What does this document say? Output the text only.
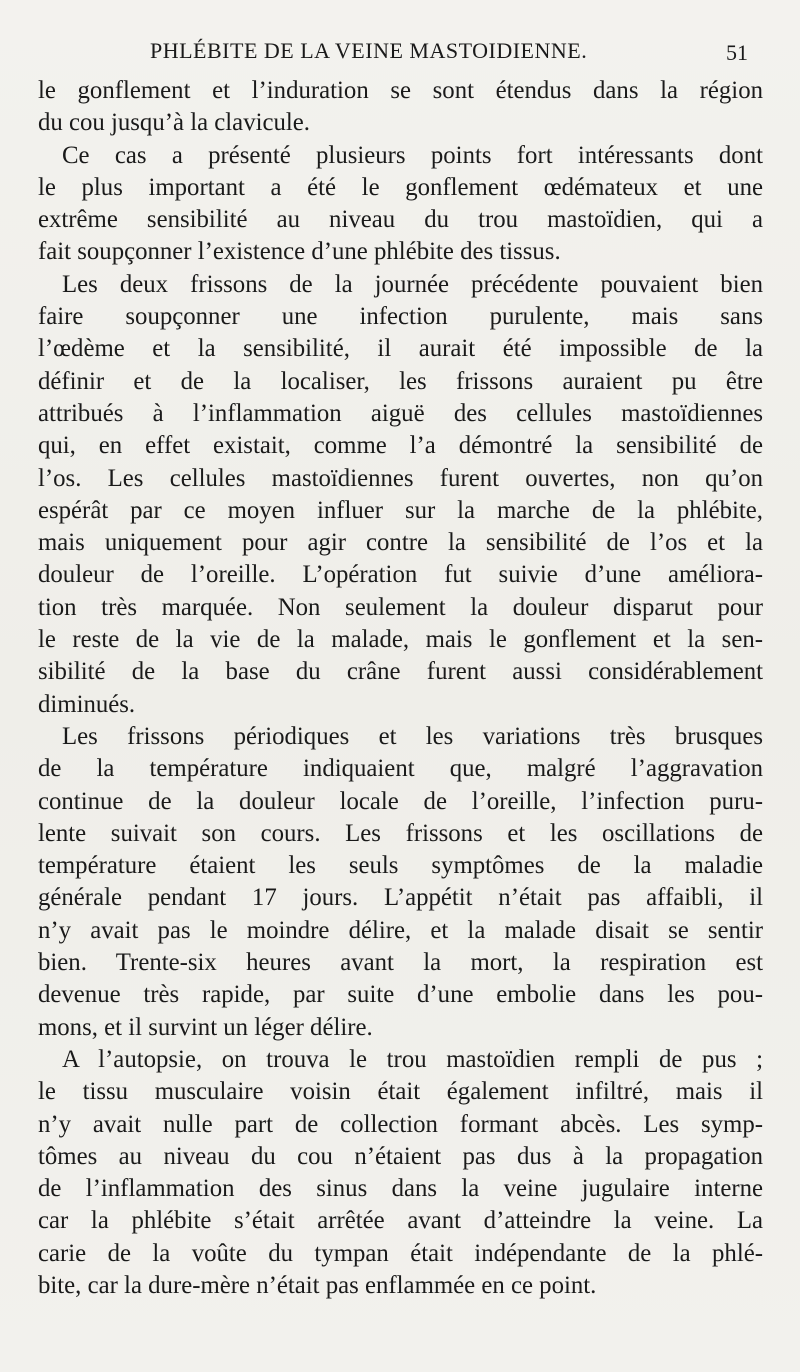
PHLÉBITE DE LA VEINE MASTOIDIENNE.	51
le gonflement et l’induration se sont étendus dans la région
du cou jusqu’à la clavicule.
Ce cas a présenté plusieurs points fort intéressants dont
le plus important a été le gonflement œdémateux et une
extrême sensibilité au niveau du trou mastoïdien, qui a
fait soupçonner l’existence d’une phlébite des tissus.
Les deux frissons de la journée précédente pouvaient bien
faire soupçonner une infection purulente, mais sans
l’œdème et la sensibilité, il aurait été impossible de la
définir et de la localiser, les frissons auraient pu être
attribués à l’inflammation aiguë des cellules mastoïdiennes
qui, en effet existait, comme l’a démontré la sensibilité de
l’os. Les cellules mastoïdiennes furent ouvertes, non qu’on
espérât par ce moyen influer sur la marche de la phlébite,
mais uniquement pour agir contre la sensibilité de l’os et la
douleur de l’oreille. L’opération fut suivie d’une améliora-
tion très marquée. Non seulement la douleur disparut pour
le reste de la vie de la malade, mais le gonflement et la sen-
sibilité de la base du crâne furent aussi considérablement
diminués.
Les frissons périodiques et les variations très brusques
de la température indiquaient que, malgré l’aggravation
continue de la douleur locale de l’oreille, l’infection puru-
lente suivait son cours. Les frissons et les oscillations de
température étaient les seuls symptômes de la maladie
générale pendant 17 jours. L’appétit n’était pas affaibli, il
n’y avait pas le moindre délire, et la malade disait se sentir
bien. Trente-six heures avant la mort, la respiration est
devenue très rapide, par suite d’une embolie dans les pou-
mons, et il survint un léger délire.
A l’autopsie, on trouva le trou mastoïdien rempli de pus ;
le tissu musculaire voisin était également infiltré, mais il
n’y avait nulle part de collection formant abcès. Les symp-
tômes au niveau du cou n’étaient pas dus à la propagation
de l’inflammation des sinus dans la veine jugulaire interne
car la phlébite s’était arrêtée avant d’atteindre la veine. La
carie de la voûte du tympan était indépendante de la phlé-
bite, car la dure-mère n’était pas enflammée en ce point.
